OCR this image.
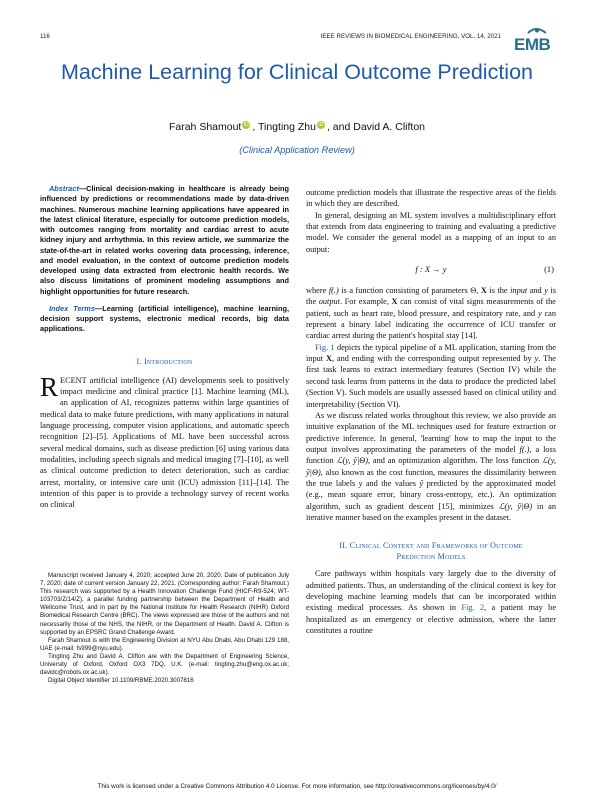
116	IEEE REVIEWS IN BIOMEDICAL ENGINEERING, VOL. 14, 2021 EMB
Machine Learning for Clinical Outcome Prediction
Farah Shamout iD , Tingting Zhu iD , and David A. Clifton
(Clinical Application Review)

Abstract—Clinical decision-making in healthcare is already being influenced by predictions or recommendations made by data-driven machines. Numerous machine learning applications have appeared in the latest clinical literature, especially for outcome prediction models, with outcomes ranging from mortality and cardiac arrest to acute kidney injury and arrhythmia. In this review article, we summarize the state-of-the-art in related works covering data processing, inference, and model evaluation, in the context of outcome prediction models developed using data extracted from electronic health records. We also discuss limitations of prominent modeling assumptions and highlight opportunities for future research.

Index Terms—Learning (artificial intelligence), machine learning, decision support systems, electronic medical records, big data applications.

I. Introduction

RECENT artificial intelligence (AI) developments seek to positively impact medicine and clinical practice [1]. Machine learning (ML), an application of AI, recognizes patterns within large quantities of medical data to make future predictions, with many applications in natural language processing, computer vision applications, and automatic speech recognition [2]–[5]. Applications of ML have been successful across several medical domains, such as disease prediction [6] using various data modalities, including speech signals and medical imaging [7]–[10], as well as clinical outcome prediction to detect deterioration, such as cardiac arrest, mortality, or intensive care unit (ICU) admission [11]–[14]. The intention of this paper is to provide a technology survey of recent works on clinical

Manuscript received January 4, 2020; accepted June 20, 2020. Date of publication July 7, 2020; date of current version January 22, 2021. (Corresponding author: Farah Shamout.) This research was supported by a Health Innovation Challenge Fund (HICF-R9-524; WT-103703/Z/14/Z), a parallel funding partnership between the Department of Health and Wellcome Trust, and in part by the National Institute for Health Research (NIHR) Oxford Biomedical Research Centre (BRC). The views expressed are those of the authors and not necessarily those of the NHS, the NIHR, or the Department of Health. David A. Clifton is supported by an EPSRC Grand Challenge Award.

Farah Shamout is with the Engineering Division at NYU Abu Dhabi, Abu Dhabi 129 188, UAE (e-mail: fs999@nyu.edu).

Tingting Zhu and David A. Clifton are with the Department of Engineering Science, University of Oxford, Oxford OX3 7DQ, U.K. (e-mail: tingting.zhu@eng.ox.ac.uk; davidc@robots.ox.ac.uk).

Digital Object Identifier 10.1109/RBME.2020.3007816

outcome prediction models that illustrate the respective areas of the fields in which they are described.

In general, designing an ML system involves a multidisciplinary effort that extends from data engineering to training and evaluating a predictive model. We consider the general model as a mapping of an input to an output:

f : X → y	(1)

where f(.) is a function consisting of parameters Θ, X is the input and y is the output. For example, X can consist of vital signs measurements of the patient, such as heart rate, blood pressure, and respiratory rate, and y can represent a binary label indicating the occurrence of ICU transfer or cardiac arrest during the patient's hospital stay [14].

Fig. 1 depicts the typical pipeline of a ML application, starting from the input X, and ending with the corresponding output represented by y. The first task learns to extract intermediary features (Section IV) while the second task learns from patterns in the data to produce the predicted label (Section V). Such models are usually assessed based on clinical utility and interpretability (Section VI).

As we discuss related works throughout this review, we also provide an intuitive explanation of the ML techniques used for feature extraction or predictive inference. In general, 'learning' how to map the input to the output involves approximating the parameters of the model f(.), a loss function ℒ(y, ŷ|Θ), and an optimization algorithm. The loss function ℒ(y, ŷ|Θ), also known as the cost function, measures the dissimilarity between the true labels y and the values ŷ predicted by the approximated model (e.g., mean square error, binary cross-entropy, etc.). An optimization algorithm, such as gradient descent [15], minimizes ℒ(y, ŷ|Θ) in an iterative manner based on the examples present in the dataset.

II. Clinical Context and Frameworks of Outcome
Prediction Models

Care pathways within hospitals vary largely due to the diversity of admitted patients. Thus, an understanding of the clinical context is key for developing machine learning models that can be incorporated within existing medical processes. As shown in Fig. 2, a patient may be hospitalized as an emergency or elective admission, where the latter constitutes a routine

This work is licensed under a Creative Commons Attribution 4.0 License. For more information, see http://creativecommons.org/licenses/by/4.0/
